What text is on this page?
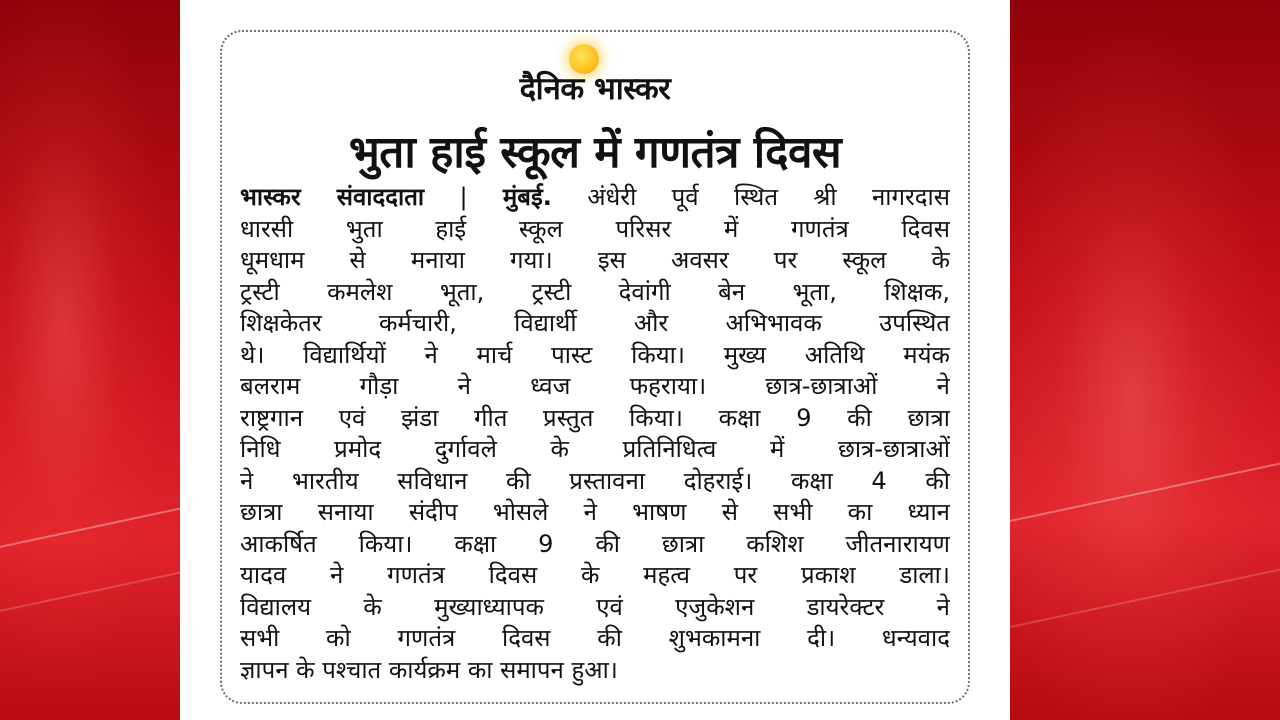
दैनिक भास्कर
भुता हाई स्कूल में गणतंत्र दिवस
भास्कर संवाददाता | मुंबई. अंधेरी पूर्व स्थित श्री नागरदास
धारसी भुता हाई स्कूल परिसर में गणतंत्र दिवस
धूमधाम से मनाया गया। इस अवसर पर स्कूल के
ट्रस्टी कमलेश भूता, ट्रस्टी देवांगी बेन भूता, शिक्षक,
शिक्षकेतर कर्मचारी, विद्यार्थी और अभिभावक उपस्थित
थे। विद्यार्थियों ने मार्च पास्ट किया। मुख्य अतिथि मयंक
बलराम गौड़ा ने ध्वज फहराया। छात्र-छात्राओं ने
राष्ट्रगान एवं झंडा गीत प्रस्तुत किया। कक्षा 9 की छात्रा
निधि प्रमोद दुर्गावले के प्रतिनिधित्व में छात्र-छात्राओं
ने भारतीय सविधान की प्रस्तावना दोहराई। कक्षा 4 की
छात्रा सनाया संदीप भोसले ने भाषण से सभी का ध्यान
आकर्षित किया। कक्षा 9 की छात्रा कशिश जीतनारायण
यादव ने गणतंत्र दिवस के महत्व पर प्रकाश डाला।
विद्यालय के मुख्याध्यापक एवं एजुकेशन डायरेक्टर ने
सभी को गणतंत्र दिवस की शुभकामना दी। धन्यवाद
ज्ञापन के पश्चात कार्यक्रम का समापन हुआ।
